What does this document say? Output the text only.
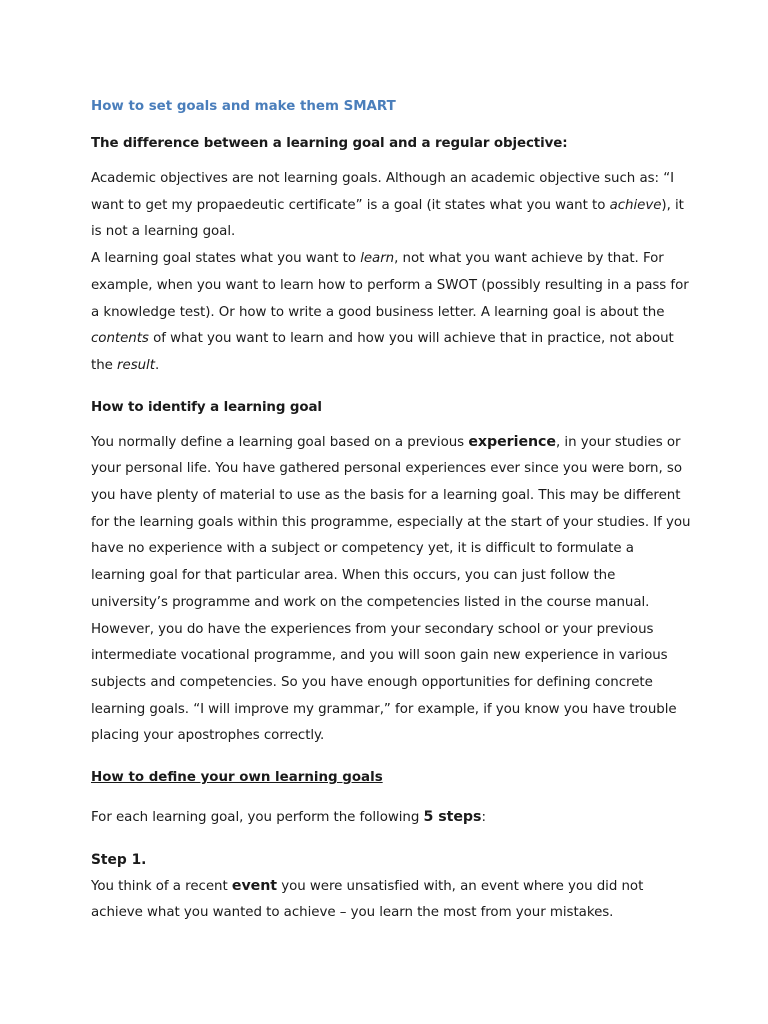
How to set goals and make them SMART
The difference between a learning goal and a regular objective:

Academic objectives are not learning goals. Although an academic objective such as: “I want to get my propaedeutic certificate” is a goal (it states what you want to achieve), it is not a learning goal.

A learning goal states what you want to learn, not what you want achieve by that. For example, when you want to learn how to perform a SWOT (possibly resulting in a pass for a knowledge test). Or how to write a good business letter. A learning goal is about the contents of what you want to learn and how you will achieve that in practice, not about the result.

How to identify a learning goal

You normally define a learning goal based on a previous experience, in your studies or your personal life. You have gathered personal experiences ever since you were born, so you have plenty of material to use as the basis for a learning goal. This may be different for the learning goals within this programme, especially at the start of your studies. If you have no experience with a subject or competency yet, it is difficult to formulate a learning goal for that particular area. When this occurs, you can just follow the university’s programme and work on the competencies listed in the course manual. However, you do have the experiences from your secondary school or your previous intermediate vocational programme, and you will soon gain new experience in various subjects and competencies. So you have enough opportunities for defining concrete learning goals. “I will improve my grammar,” for example, if you know you have trouble placing your apostrophes correctly.

How to define your own learning goals

For each learning goal, you perform the following 5 steps:

Step 1.

You think of a recent event you were unsatisfied with, an event where you did not achieve what you wanted to achieve – you learn the most from your mistakes.
